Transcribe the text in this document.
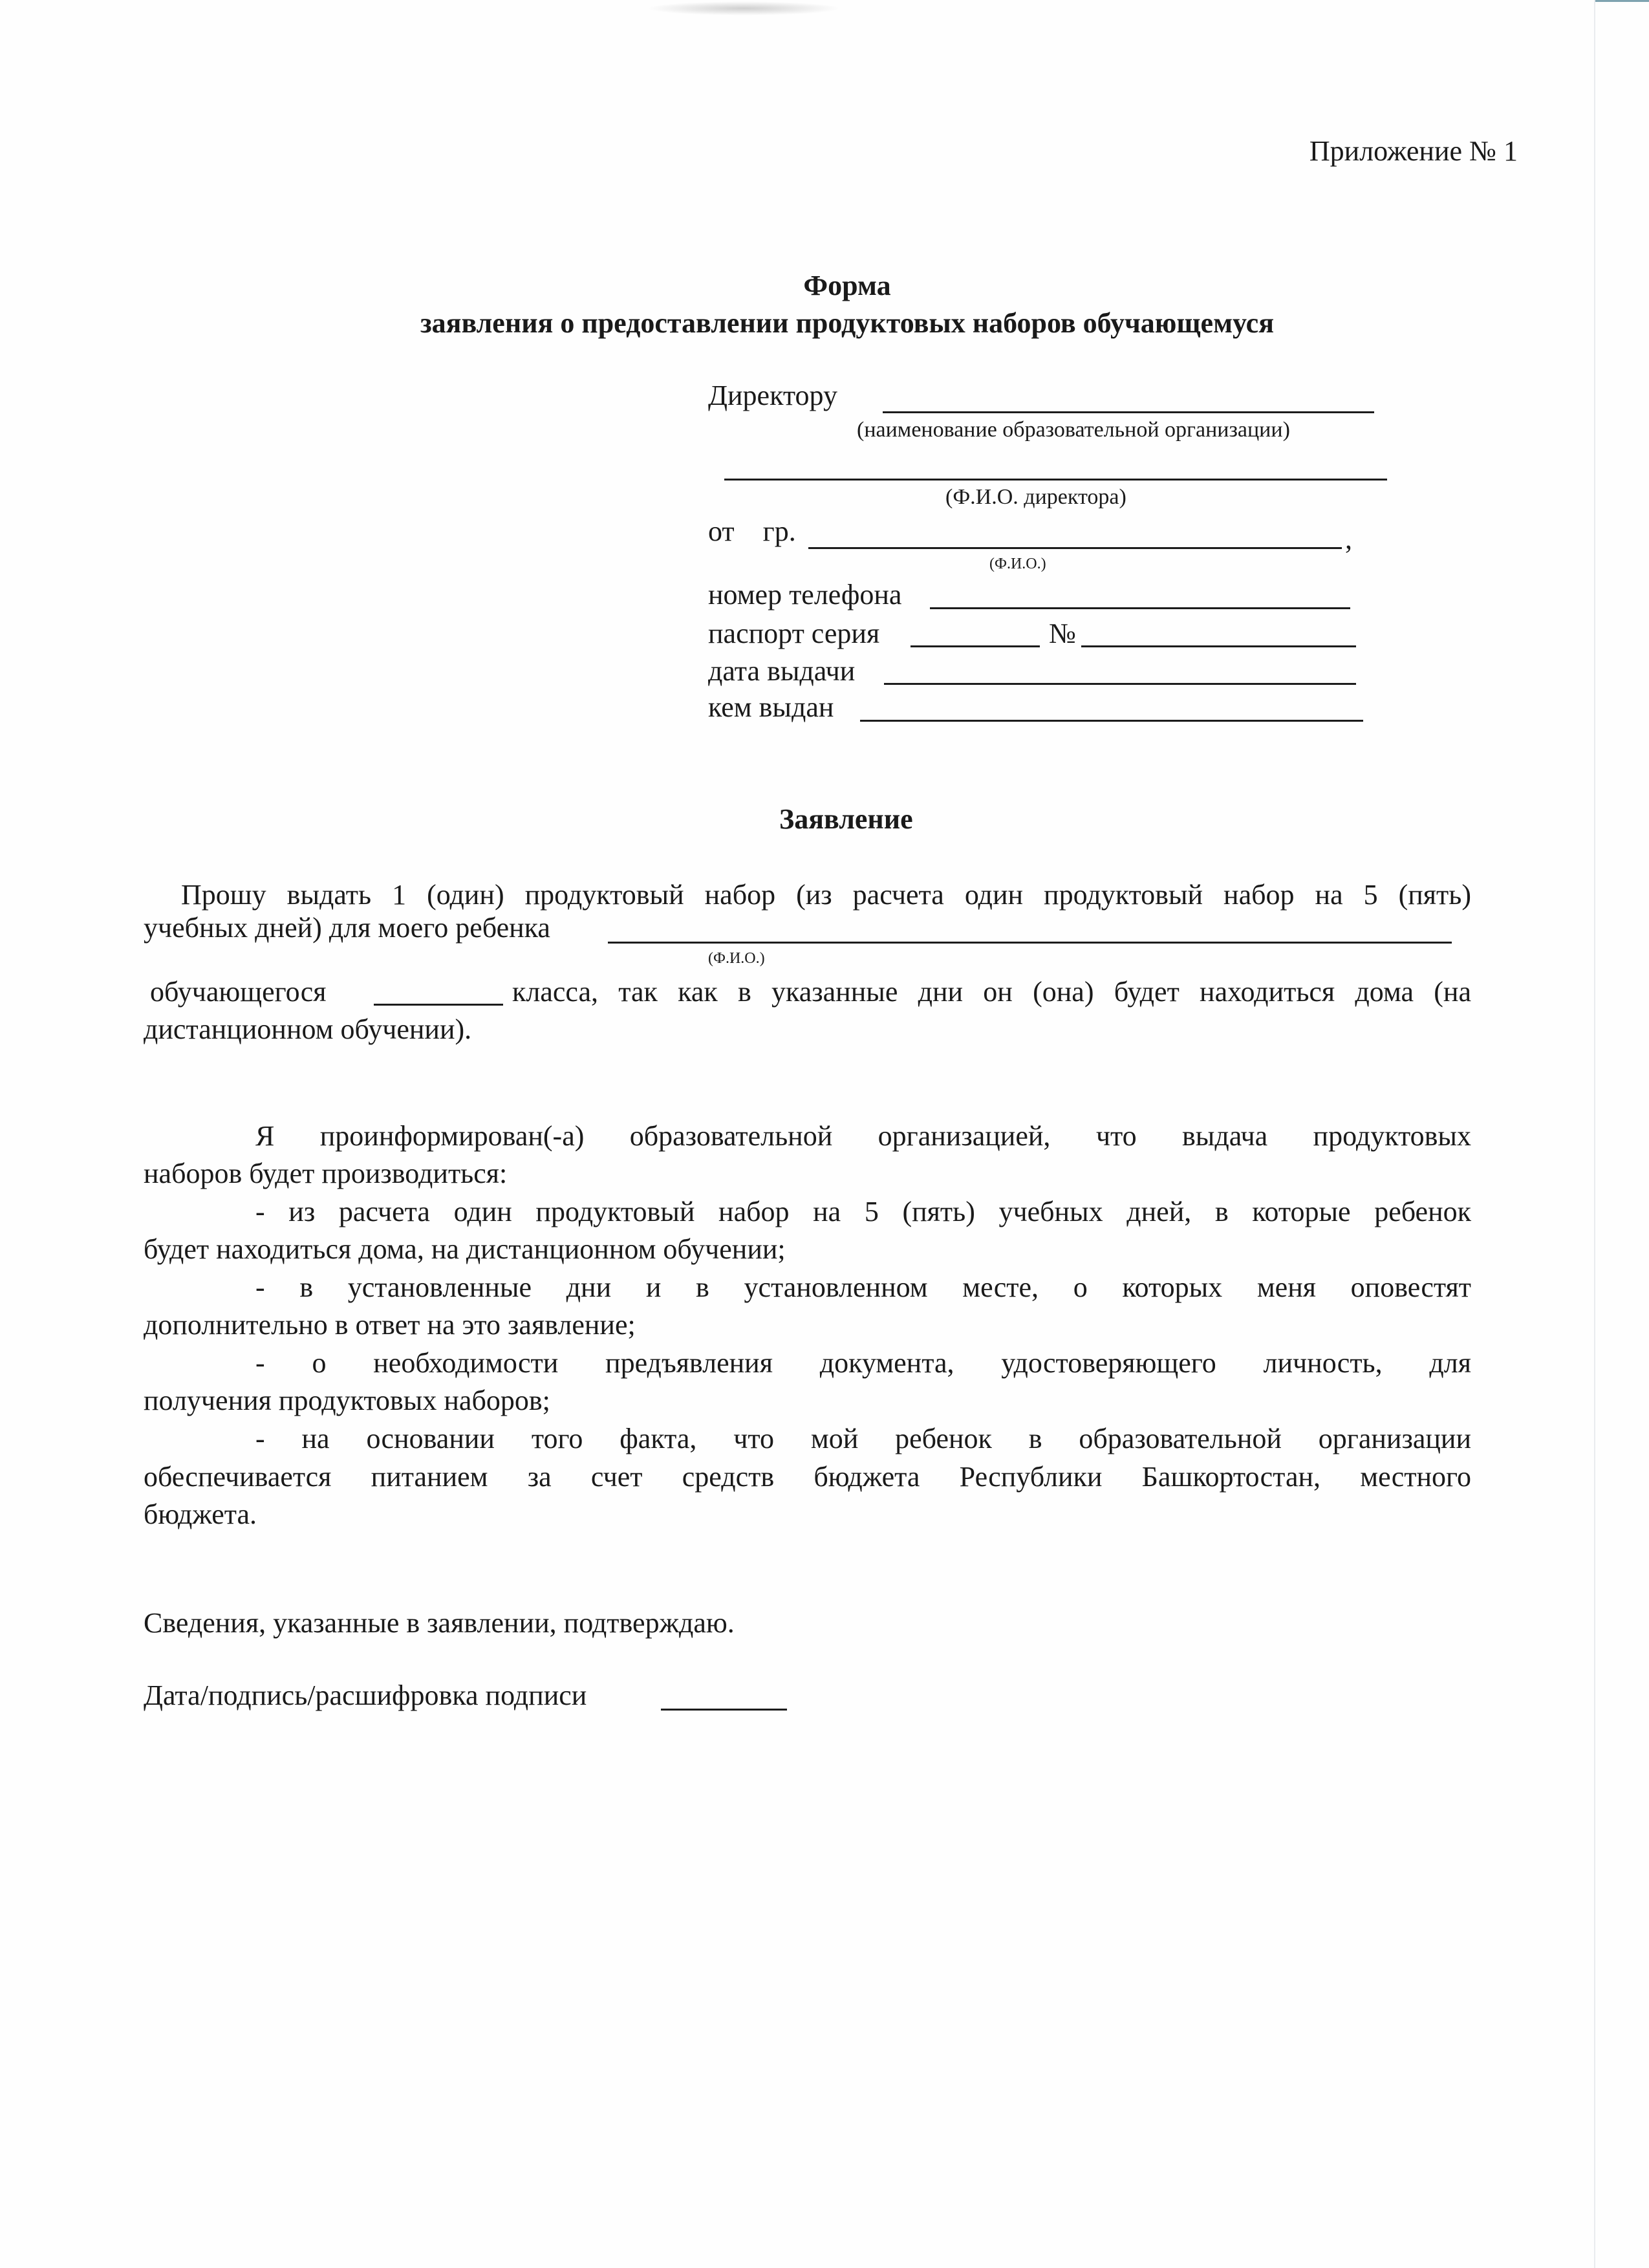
Приложение № 1
Форма
заявления о предоставлении продуктовых наборов обучающемуся
Директору
(наименование образовательной организации)
(Ф.И.О. директора)
от    гр.	,
(Ф.И.О.)
номер телефона
паспорт серия	№
дата выдачи
кем выдан
Заявление
Прошу выдать 1 (один) продуктовый набор (из расчета один продуктовый набор на 5 (пять)
учебных дней) для моего ребенка
(Ф.И.О.)
обучающегося	класса, так как в указанные дни он (она) будет находиться дома (на
дистанционном обучении).
Я проинформирован(-а) образовательной организацией, что выдача продуктовых
наборов будет производиться:
- из расчета один продуктовый набор на 5 (пять) учебных дней, в которые ребенок
будет находиться дома, на дистанционном обучении;
- в установленные дни и в установленном месте, о которых меня оповестят
дополнительно в ответ на это заявление;
- о необходимости предъявления документа, удостоверяющего личность, для
получения продуктовых наборов;
- на основании того факта, что мой ребенок в образовательной организации
обеспечивается питанием за счет средств бюджета Республики Башкортостан, местного
бюджета.
Сведения, указанные в заявлении, подтверждаю.
Дата/подпись/расшифровка подписи
